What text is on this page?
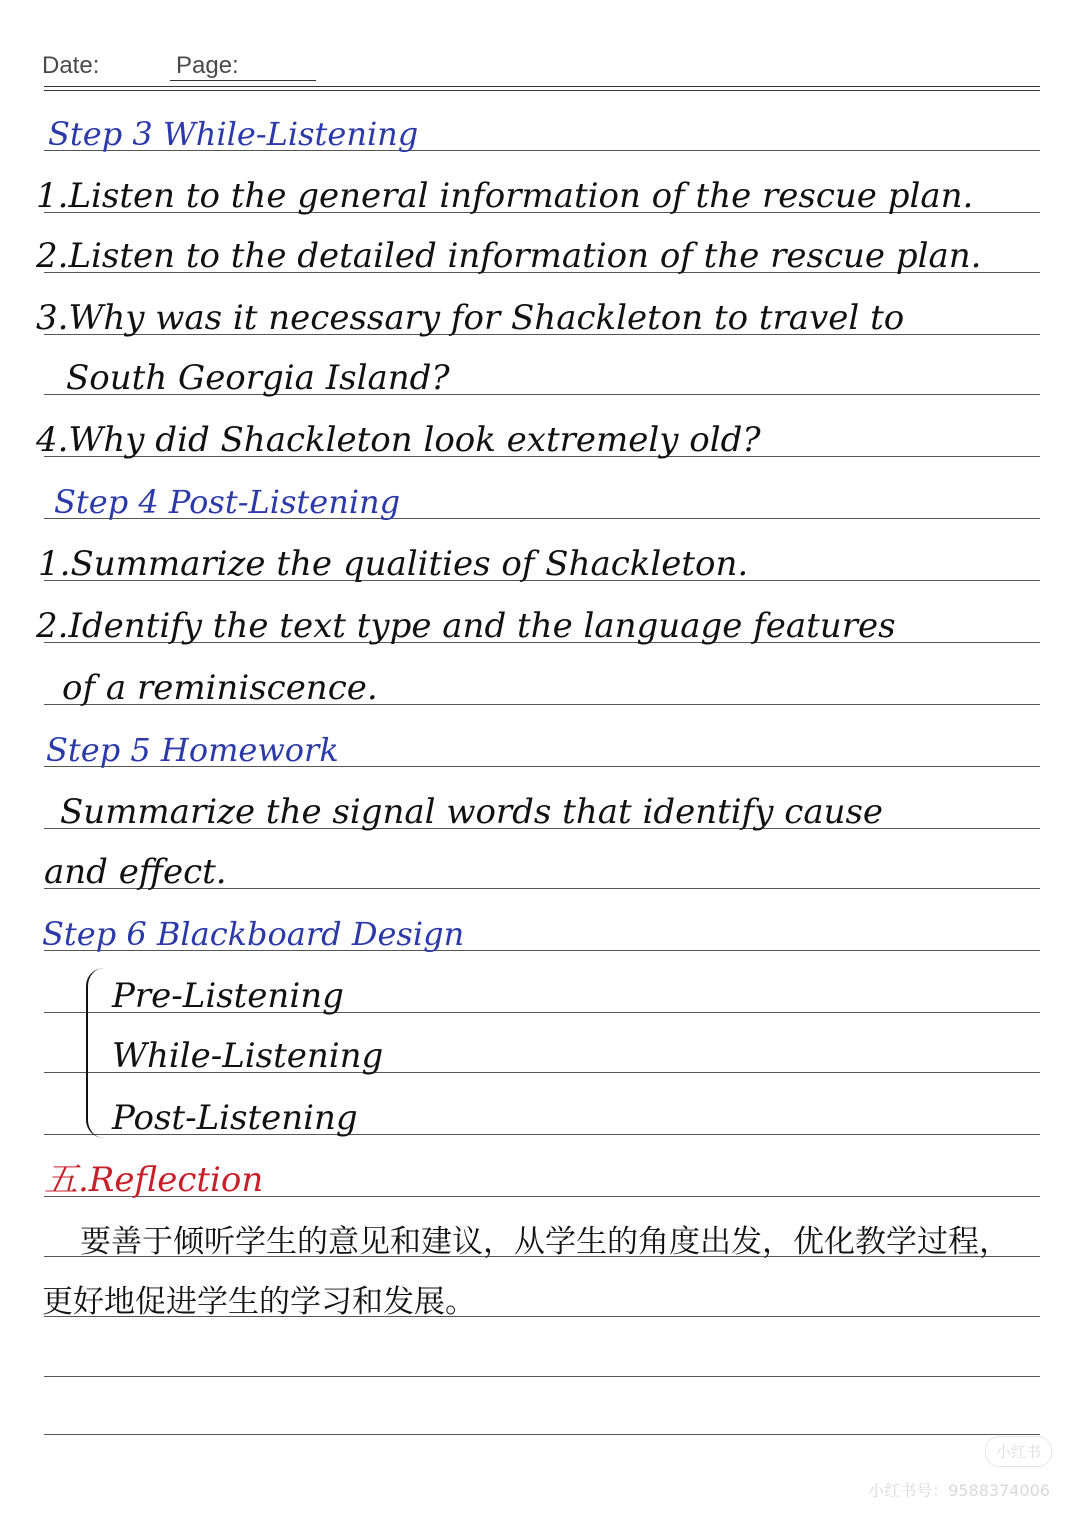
Date:	Page:
Step 3 While-Listening
1.Listen to the general information of the rescue plan.
2.Listen to the detailed information of the rescue plan.
3.Why was it necessary for Shackleton to travel to
South Georgia Island?
4.Why did Shackleton look extremely old?
Step 4 Post-Listening
1.Summarize the qualities of Shackleton.
2.Identify the text type and the language features
of a reminiscence.
Step 5 Homework
Summarize the signal words that identify cause
and effect.
Step 6 Blackboard Design
Pre-Listening
While-Listening
Post-Listening
五.Reflection
要善于倾听学生的意见和建议，从学生的角度出发，优化教学过程，
更好地促进学生的学习和发展。
小红书
小红书号：9588374006
